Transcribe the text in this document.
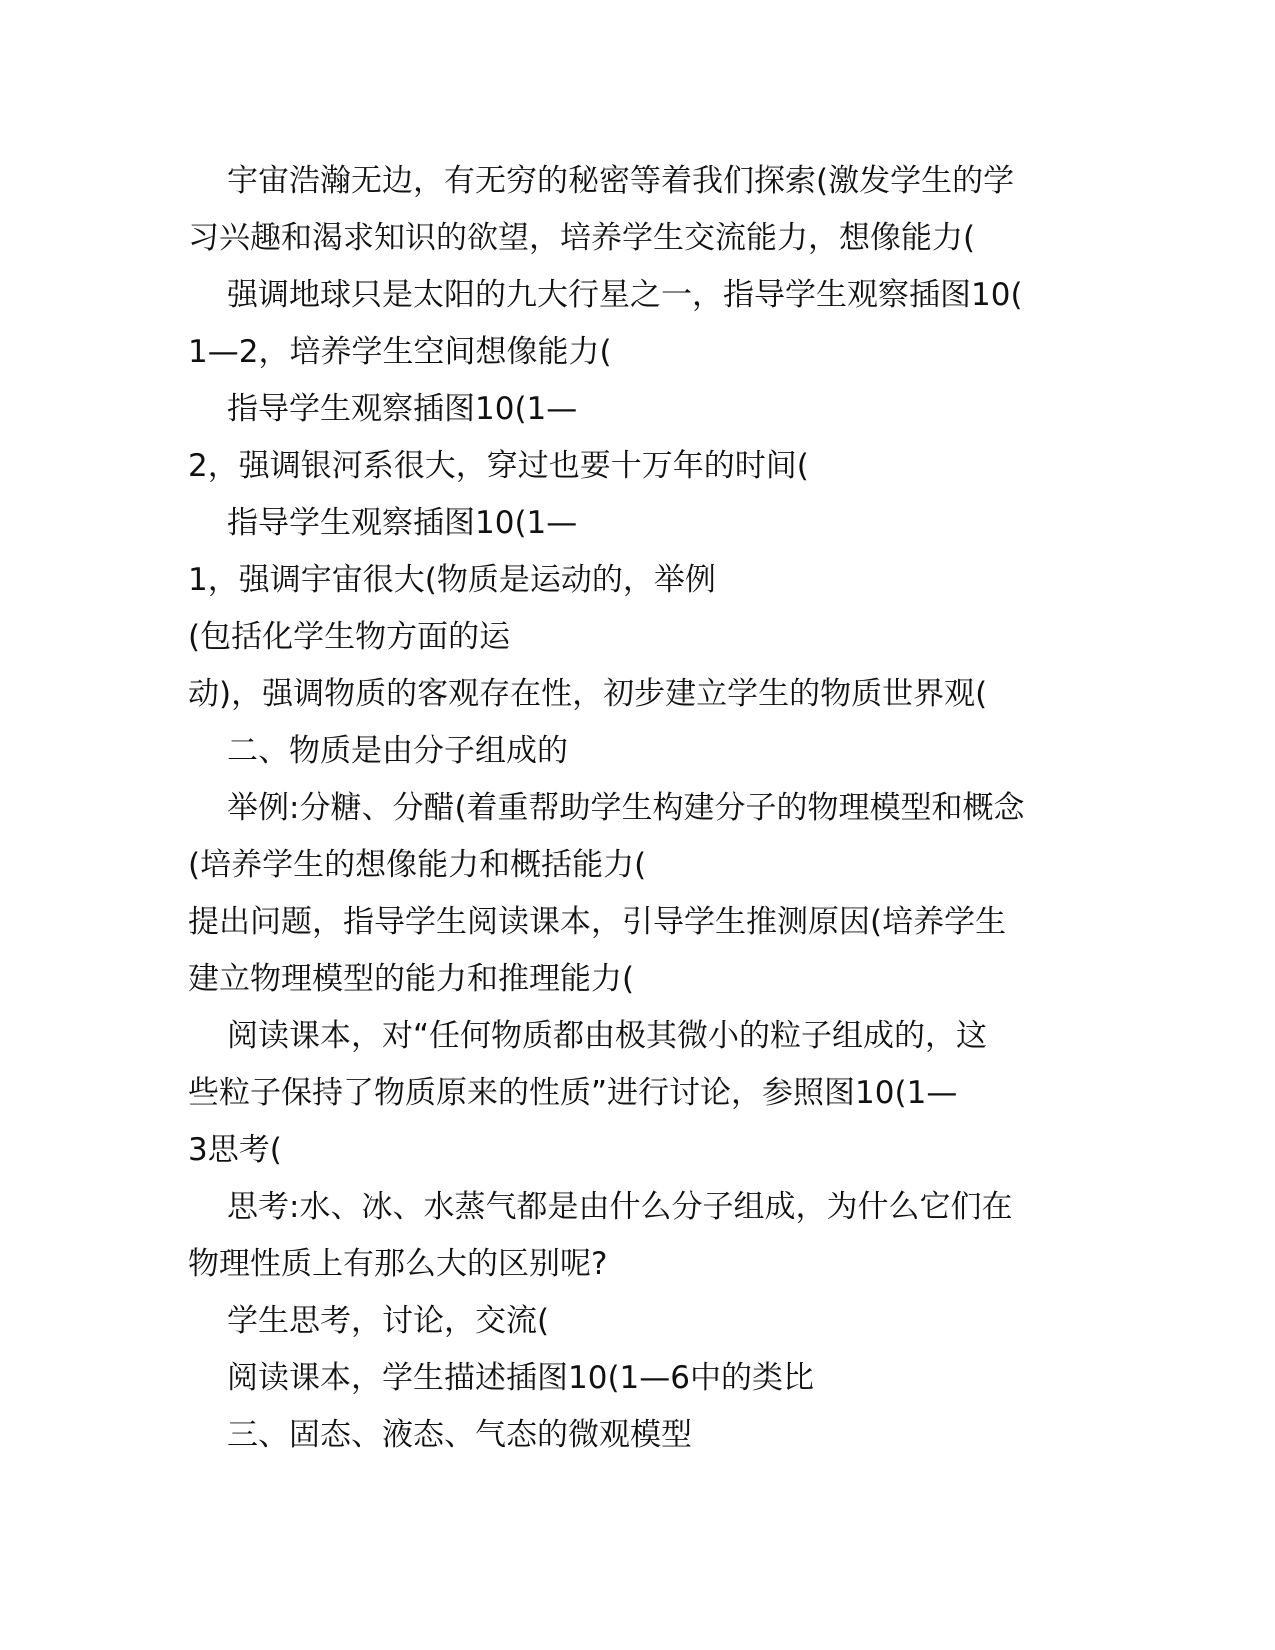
宇宙浩瀚无边，有无穷的秘密等着我们探索(激发学生的学
习兴趣和渴求知识的欲望，培养学生交流能力，想像能力(
强调地球只是太阳的九大行星之一，指导学生观察插图10(
1—2，培养学生空间想像能力(
指导学生观察插图10(1—
2，强调银河系很大，穿过也要十万年的时间(
指导学生观察插图10(1—
1，强调宇宙很大(物质是运动的，举例
(包括化学生物方面的运
动)，强调物质的客观存在性，初步建立学生的物质世界观(
二、物质是由分子组成的
举例:分糖、分醋(着重帮助学生构建分子的物理模型和概念
(培养学生的想像能力和概括能力(
提出问题，指导学生阅读课本，引导学生推测原因(培养学生
建立物理模型的能力和推理能力(
阅读课本，对“任何物质都由极其微小的粒子组成的，这
些粒子保持了物质原来的性质”进行讨论，参照图10(1—
3思考(
思考:水、冰、水蒸气都是由什么分子组成，为什么它们在
物理性质上有那么大的区别呢?
学生思考，讨论，交流(
阅读课本，学生描述插图10(1—6中的类比
三、固态、液态、气态的微观模型
